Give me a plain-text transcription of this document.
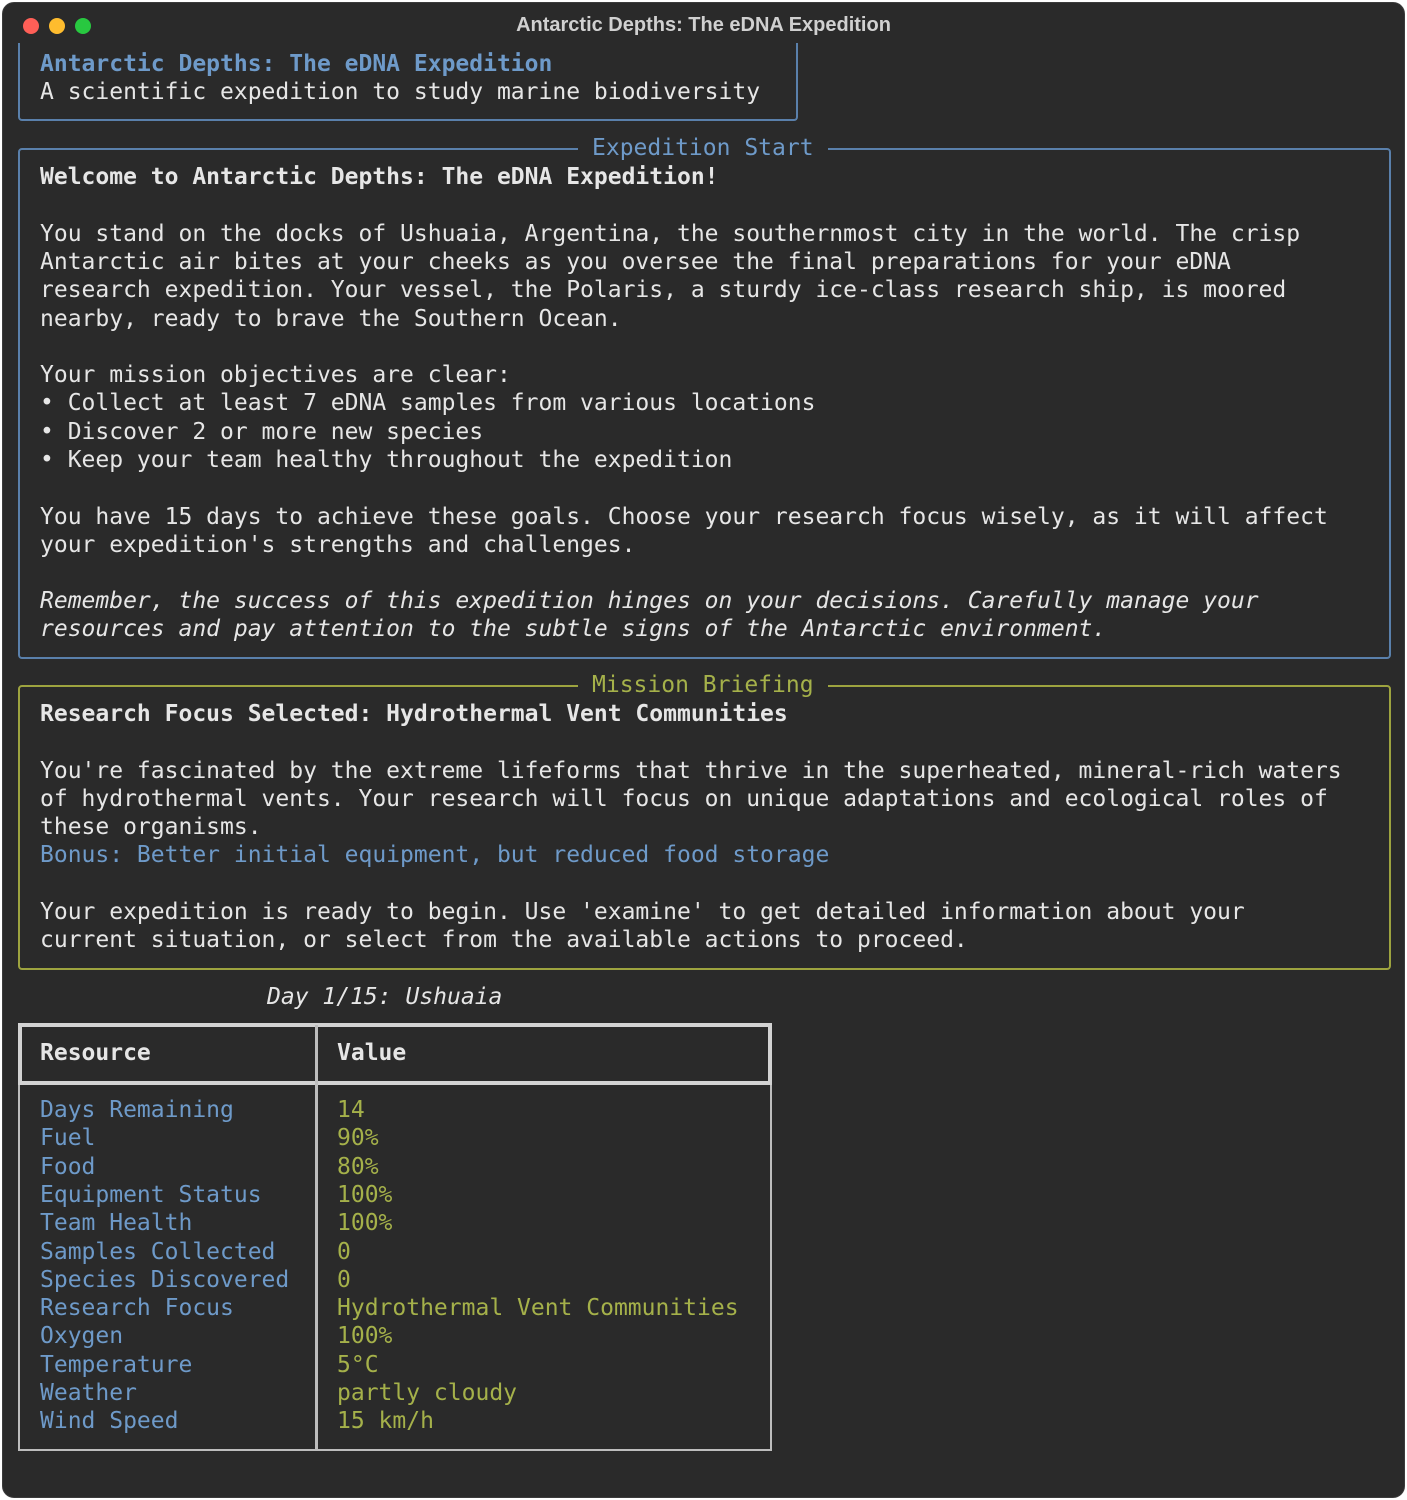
Antarctic Depths: The eDNA Expedition
Antarctic Depths: The eDNA Expedition
A scientific expedition to study marine biodiversity
Expedition Start
Welcome to Antarctic Depths: The eDNA Expedition!
You stand on the docks of Ushuaia, Argentina, the southernmost city in the world. The crisp
Antarctic air bites at your cheeks as you oversee the final preparations for your eDNA
research expedition. Your vessel, the Polaris, a sturdy ice-class research ship, is moored
nearby, ready to brave the Southern Ocean.
Your mission objectives are clear:
• Collect at least 7 eDNA samples from various locations
• Discover 2 or more new species
• Keep your team healthy throughout the expedition
You have 15 days to achieve these goals. Choose your research focus wisely, as it will affect
your expedition's strengths and challenges.
Remember, the success of this expedition hinges on your decisions. Carefully manage your
resources and pay attention to the subtle signs of the Antarctic environment.
Mission Briefing
Research Focus Selected: Hydrothermal Vent Communities
You're fascinated by the extreme lifeforms that thrive in the superheated, mineral-rich waters
of hydrothermal vents. Your research will focus on unique adaptations and ecological roles of
these organisms.
Bonus: Better initial equipment, but reduced food storage
Your expedition is ready to begin. Use 'examine' to get detailed information about your
current situation, or select from the available actions to proceed.
Day 1/15: Ushuaia
Resource	Value
Days Remaining	14
Fuel	90%
Food	80%
Equipment Status	100%
Team Health	100%
Samples Collected	0
Species Discovered 0
Research Focus	Hydrothermal Vent Communities
Oxygen	100%
Temperature	5°C
Weather	partly cloudy
Wind Speed	15 km/h
